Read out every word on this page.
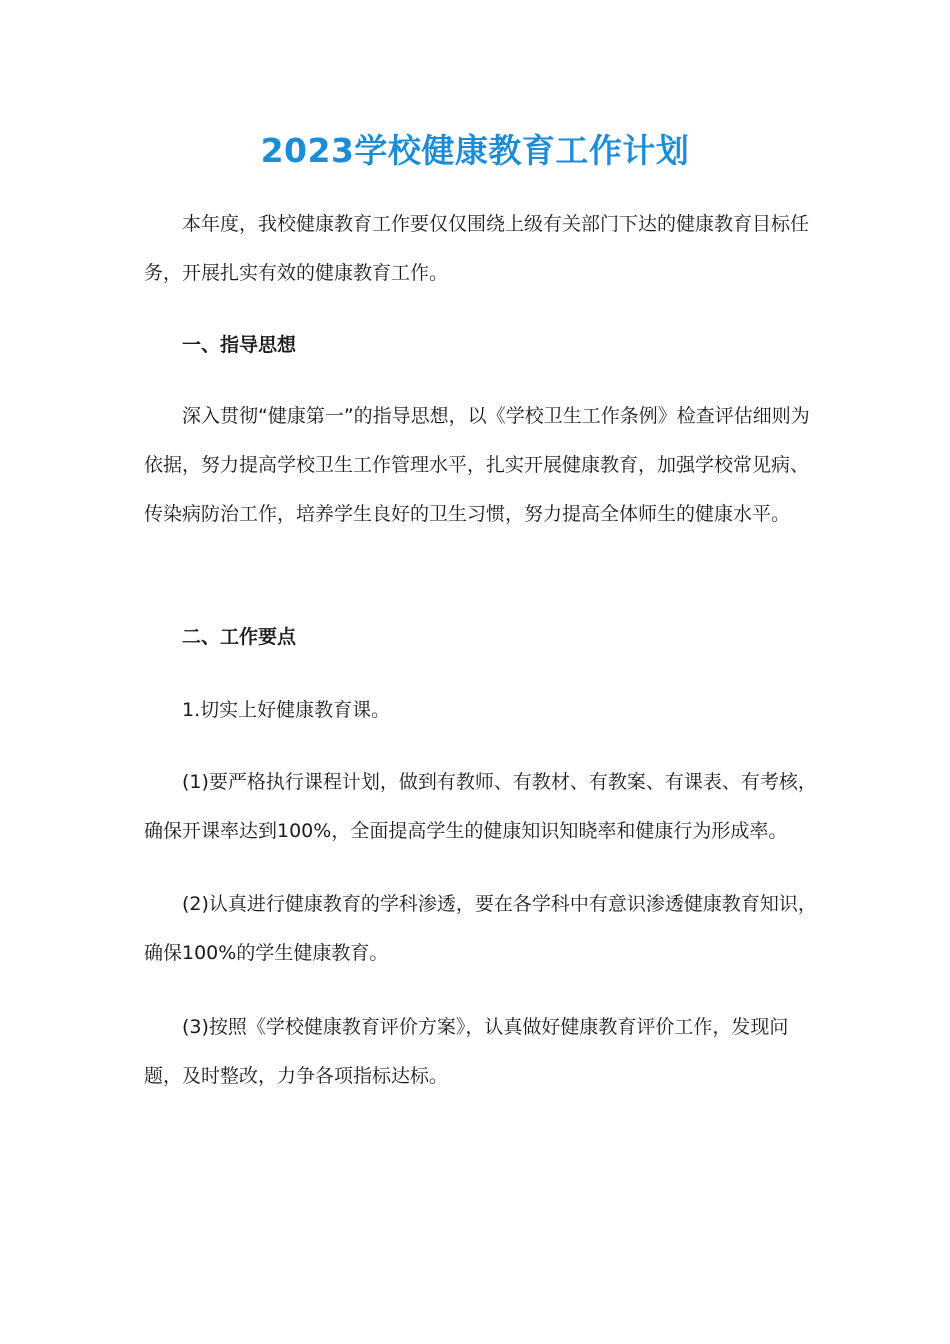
2023学校健康教育工作计划

本年度，我校健康教育工作要仅仅围绕上级有关部门下达的健康教育目标任务，开展扎实有效的健康教育工作。

一、指导思想

深入贯彻“健康第一”的指导思想，以《学校卫生工作条例》检查评估细则为依据，努力提高学校卫生工作管理水平，扎实开展健康教育，加强学校常见病、传染病防治工作，培养学生良好的卫生习惯，努力提高全体师生的健康水平。

二、工作要点

1.切实上好健康教育课。

(1)要严格执行课程计划，做到有教师、有教材、有教案、有课表、有考核，确保开课率达到100%，全面提高学生的健康知识知晓率和健康行为形成率。

(2)认真进行健康教育的学科渗透，要在各学科中有意识渗透健康教育知识，确保100%的学生健康教育。

(3)按照《学校健康教育评价方案》，认真做好健康教育评价工作，发现问题，及时整改，力争各项指标达标。
